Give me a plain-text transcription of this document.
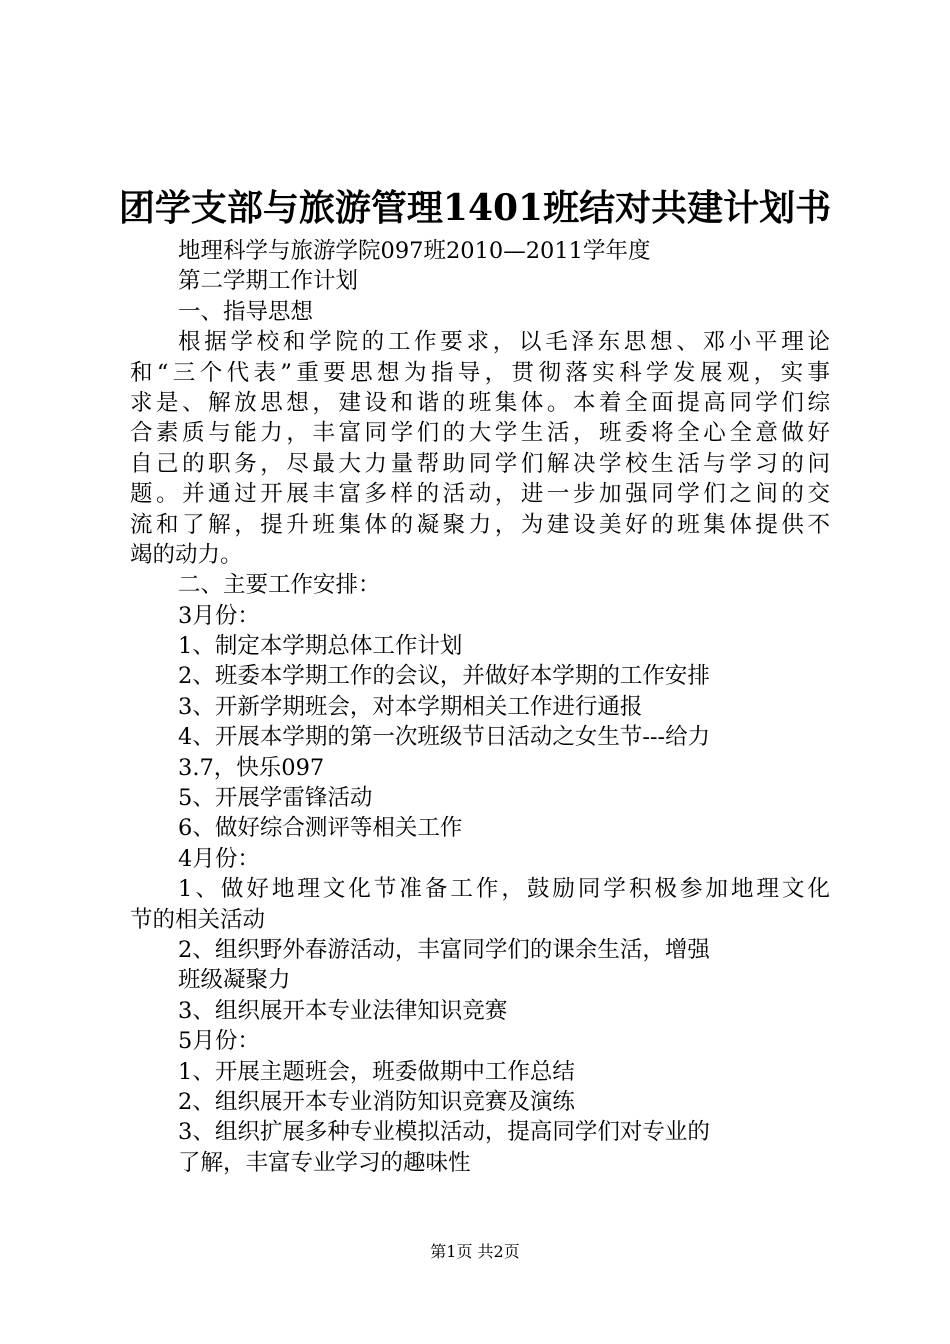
团学支部与旅游管理1401班结对共建计划书
地理科学与旅游学院097班2010—2011学年度
第二学期工作计划
一、指导思想
根据学校和学院的工作要求，以毛泽东思想、邓小平理论
和“三个代表”重要思想为指导，贯彻落实科学发展观，实事
求是、解放思想，建设和谐的班集体。本着全面提高同学们综
合素质与能力，丰富同学们的大学生活，班委将全心全意做好
自己的职务，尽最大力量帮助同学们解决学校生活与学习的问
题。并通过开展丰富多样的活动，进一步加强同学们之间的交
流和了解，提升班集体的凝聚力，为建设美好的班集体提供不
竭的动力。
二、主要工作安排：
3月份：
1、制定本学期总体工作计划
2、班委本学期工作的会议，并做好本学期的工作安排
3、开新学期班会，对本学期相关工作进行通报
4、开展本学期的第一次班级节日活动之女生节---给力
3.7，快乐097
5、开展学雷锋活动
6、做好综合测评等相关工作
4月份：
1、做好地理文化节准备工作，鼓励同学积极参加地理文化
节的相关活动
2、组织野外春游活动，丰富同学们的课余生活，增强
班级凝聚力
3、组织展开本专业法律知识竞赛
5月份：
1、开展主题班会，班委做期中工作总结
2、组织展开本专业消防知识竞赛及演练
3、组织扩展多种专业模拟活动，提高同学们对专业的
了解，丰富专业学习的趣味性
第1页 共2页
